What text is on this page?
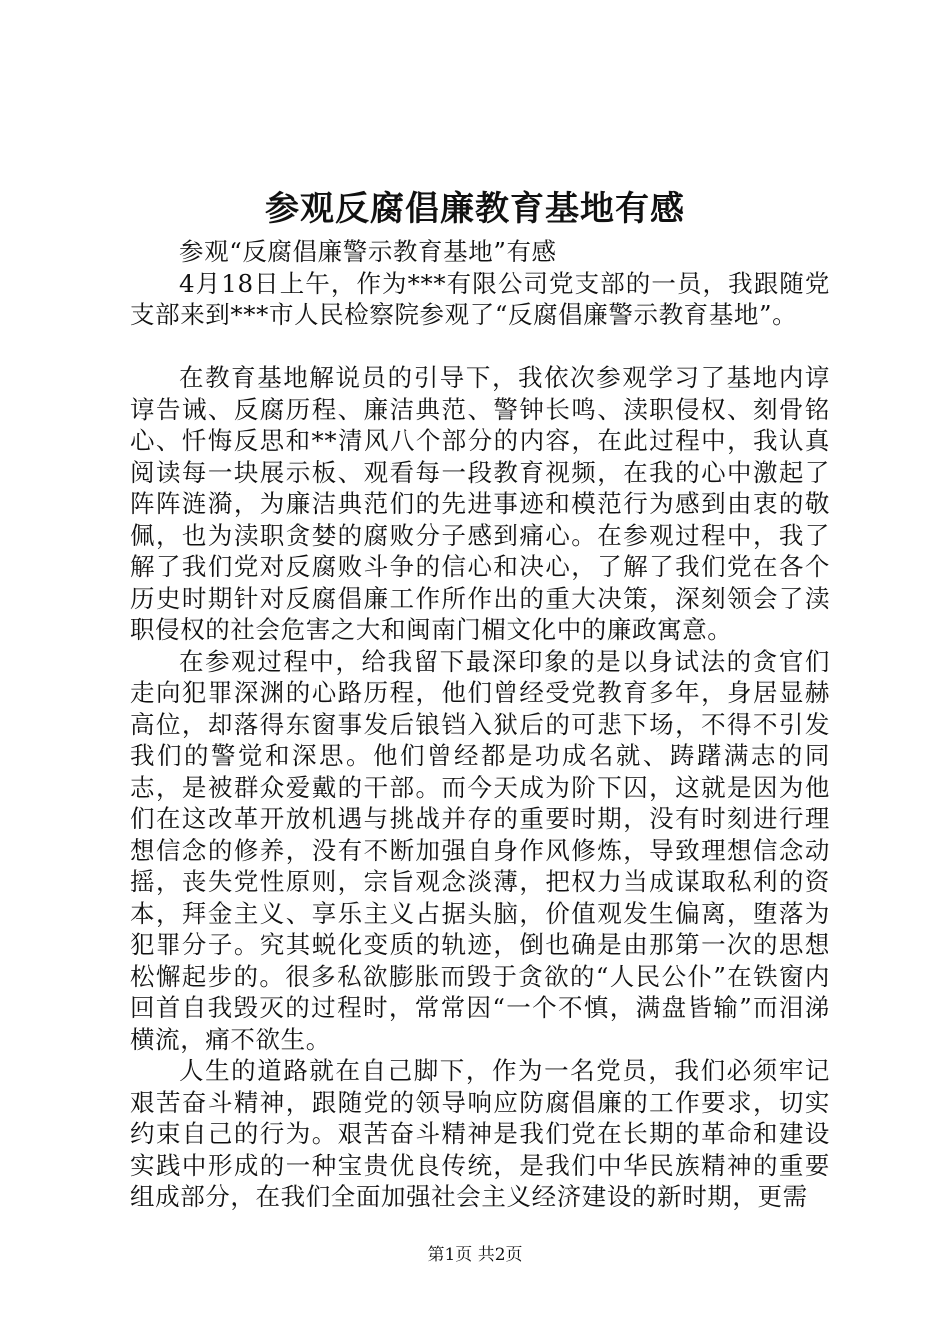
参观反腐倡廉教育基地有感

参观“反腐倡廉警示教育基地”有感

4月18日上午，作为***有限公司党支部的一员，我跟随党支部来到***市人民检察院参观了“反腐倡廉警示教育基地”。

在教育基地解说员的引导下，我依次参观学习了基地内谆谆告诫、反腐历程、廉洁典范、警钟长鸣、渎职侵权、刻骨铭心、忏悔反思和**清风八个部分的内容，在此过程中，我认真阅读每一块展示板、观看每一段教育视频，在我的心中激起了阵阵涟漪，为廉洁典范们的先进事迹和模范行为感到由衷的敬佩，也为渎职贪婪的腐败分子感到痛心。在参观过程中，我了解了我们党对反腐败斗争的信心和决心，了解了我们党在各个历史时期针对反腐倡廉工作所作出的重大决策，深刻领会了渎职侵权的社会危害之大和闽南门楣文化中的廉政寓意。

在参观过程中，给我留下最深印象的是以身试法的贪官们走向犯罪深渊的心路历程，他们曾经受党教育多年，身居显赫高位，却落得东窗事发后锒铛入狱后的可悲下场，不得不引发我们的警觉和深思。他们曾经都是功成名就、踌躇满志的同志，是被群众爱戴的干部。而今天成为阶下囚，这就是因为他们在这改革开放机遇与挑战并存的重要时期，没有时刻进行理想信念的修养，没有不断加强自身作风修炼，导致理想信念动摇，丧失党性原则，宗旨观念淡薄，把权力当成谋取私利的资本，拜金主义、享乐主义占据头脑，价值观发生偏离，堕落为犯罪分子。究其蜕化变质的轨迹，倒也确是由那第一次的思想松懈起步的。很多私欲膨胀而毁于贪欲的“人民公仆”在铁窗内回首自我毁灭的过程时，常常因“一个不慎，满盘皆输”而泪涕横流，痛不欲生。

人生的道路就在自己脚下，作为一名党员，我们必须牢记艰苦奋斗精神，跟随党的领导响应防腐倡廉的工作要求，切实约束自己的行为。艰苦奋斗精神是我们党在长期的革命和建设实践中形成的一种宝贵优良传统，是我们中华民族精神的重要组成部分，在我们全面加强社会主义经济建设的新时期，更需

第1页 共2页
